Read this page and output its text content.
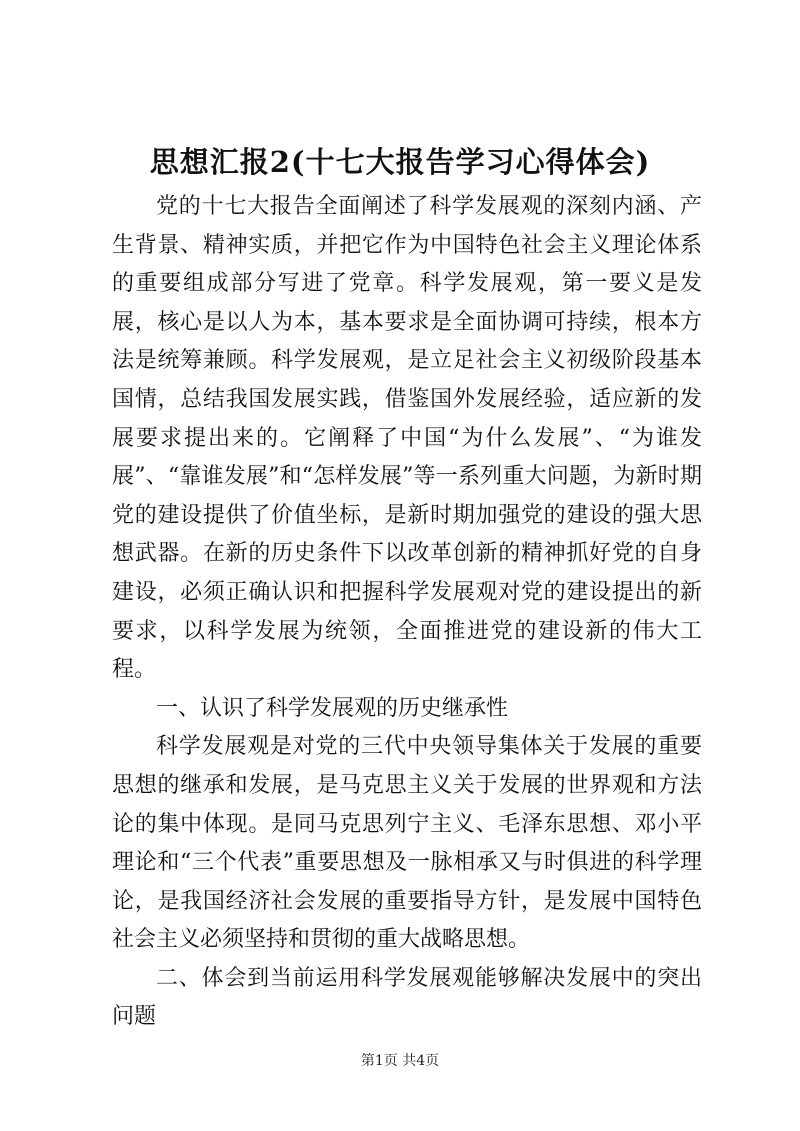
思想汇报2(十七大报告学习心得体会)

党的十七大报告全面阐述了科学发展观的深刻内涵、产生背景、精神实质，并把它作为中国特色社会主义理论体系的重要组成部分写进了党章。科学发展观，第一要义是发展，核心是以人为本，基本要求是全面协调可持续，根本方法是统筹兼顾。科学发展观，是立足社会主义初级阶段基本国情，总结我国发展实践，借鉴国外发展经验，适应新的发展要求提出来的。它阐释了中国“为什么发展”、“为谁发展”、“靠谁发展”和“怎样发展”等一系列重大问题，为新时期党的建设提供了价值坐标，是新时期加强党的建设的强大思想武器。在新的历史条件下以改革创新的精神抓好党的自身建设，必须正确认识和把握科学发展观对党的建设提出的新要求，以科学发展为统领，全面推进党的建设新的伟大工程。

一、认识了科学发展观的历史继承性

科学发展观是对党的三代中央领导集体关于发展的重要思想的继承和发展，是马克思主义关于发展的世界观和方法论的集中体现。是同马克思列宁主义、毛泽东思想、邓小平理论和“三个代表”重要思想及一脉相承又与时俱进的科学理论，是我国经济社会发展的重要指导方针，是发展中国特色社会主义必须坚持和贯彻的重大战略思想。

二、体会到当前运用科学发展观能够解决发展中的突出问题

第1页 共4页
